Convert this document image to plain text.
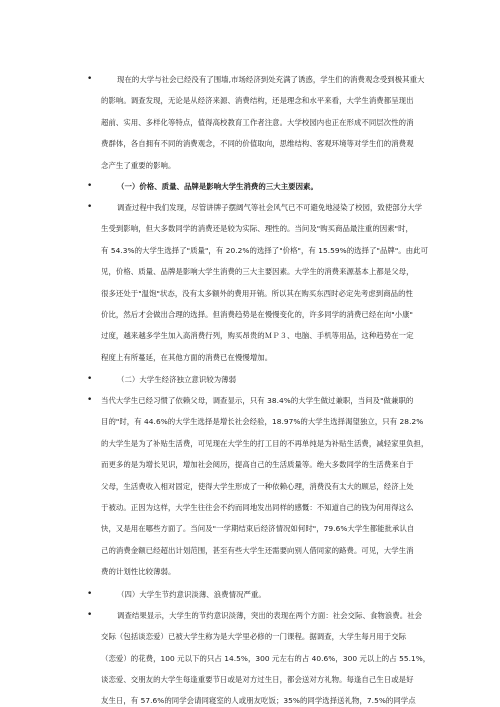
•	现在的大学与社会已经没有了围墙,市场经济到处充满了诱惑，学生们的消费观念受到极其重大
的影响。调查发现，无论是从经济来源、消费结构，还是理念和水平来看，大学生消费都呈现出
超前、实用、多样化等特点，值得高校教育工作者注意。大学校园内也正在形成不同层次性的消
费群体，各自拥有不同的消费观念，不同的价值取向，思维结构、客观环境等对学生们的消费观
念产生了重要的影响。
•	（一）价格、质量、品牌是影响大学生消费的三大主要因素。
•	调查过程中我们发现，尽管讲牌子摆阔气等社会风气已不可避免地浸染了校园，致使部分大学
生受到影响，但大多数同学的消费还是较为实际、理性的。当问及"购买商品最注重的因素"时，
有 54.3%的大学生选择了"质量"，有 20.2%的选择了"价格"，有 15.59%的选择了"品牌"。由此可
见，价格、质量、品牌是影响大学生消费的三大主要因素。大学生的消费来源基本上都是父母，
很多还处于"温饱"状态，没有太多额外的费用开销。所以其在购买东西时必定先考虑到商品的性
价比，然后才会做出合理的选择。但消费趋势是在慢慢变化的，许多同学的消费已经在向"小康"
过度，越来越多学生加入高消费行列，购买昂贵的ＭＰ３、电脑、手机等用品，这种趋势在一定
程度上有所蔓延，在其他方面的消费已在慢慢增加。
•	（二）大学生经济独立意识较为薄弱
•	当代大学生已经习惯了依赖父母，调查显示，只有 38.4%的大学生做过兼职，当问及"做兼职的
目的"时，有 44.6%的大学生选择是增长社会经验，18.97%的大学生选择渴望独立，只有 28.2%
的大学生是为了补贴生活费，可见现在大学生的打工目的不再单纯是为补贴生活费，减轻家里负担，
而更多的是为增长见识，增加社会阅历，提高自己的生活质量等。绝大多数同学的生活费来自于
父母，生活费收入相对固定，使得大学生形成了一种依赖心理，消费没有太大的顾忌，经济上处
于被动。正因为这样，大学生往往会不约而同地发出同样的感慨：不知道自己的钱为何用得这么
快，又是用在哪些方面了。当问及"一学期结束后经济情况如何时"，79.6%大学生都能批承认自
己的消费金额已经超出计划范围，甚至有些大学生还需要向别人借同家的路费。可见，大学生消
费的计划性比较薄弱。
•	（四）大学生节约意识淡薄、浪费情况严重。
•	调查结果显示，大学生的节约意识淡薄，突出的表现在两个方面：社会交际、食物浪费。社会
交际（包括谈恋爱）已被大学生称为是大学里必修的一门课程。据调查，大学生每月用于交际
（恋爱）的花费，100 元以下的只占 14.5%，300 元左右的占 40.6%，300 元以上的占 55.1%，
谈恋爱、交朋友的大学生每逢重要节日或是对方过生日，都会送对方礼物。每逢自己生日或是好
友生日，有 57.6%的同学会请同寝室的人或朋友吃饭；35%的同学选择送礼物，7.5%的同学点
